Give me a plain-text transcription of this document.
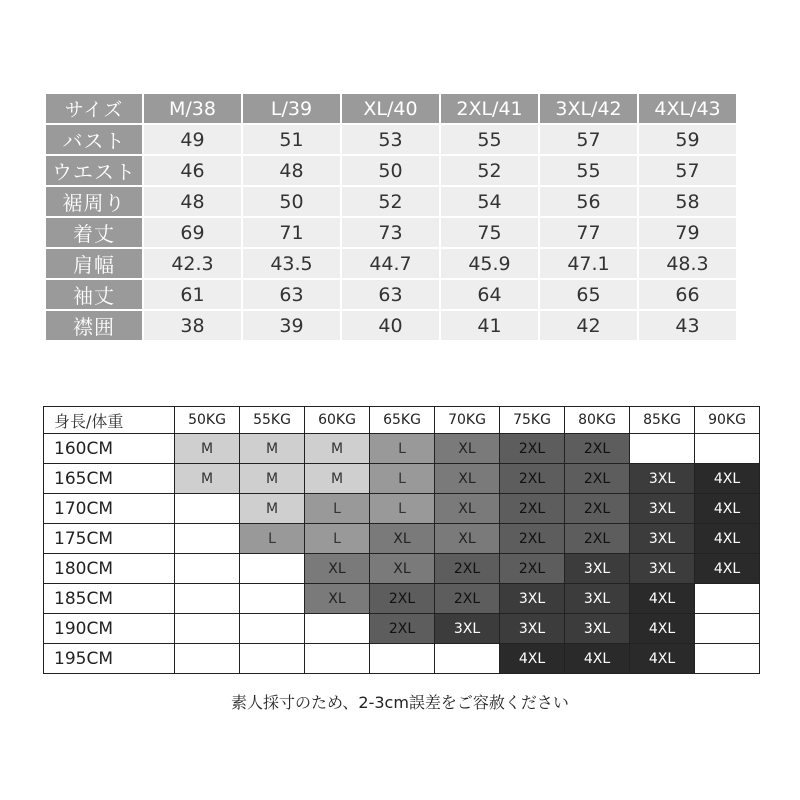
サイズ	M/38	L/39	XL/40	2XL/41	3XL/42	4XL/43
バスト	49	51	53	55	57	59
ウエスト	46	48	50	52	55	57
裾周り	48	50	52	54	56	58
着丈	69	71	73	75	77	79
肩幅	42.3	43.5	44.7	45.9	47.1	48.3
袖丈	61	63	63	64	65	66
襟囲	38	39	40	41	42	43
身長/体重	50KG	55KG	60KG	65KG	70KG	75KG	80KG	85KG	90KG
160CM	M	M	M	L	XL	2XL	2XL		
165CM	M	M	M	L	XL	2XL	2XL	3XL	4XL
170CM		M	L	L	XL	2XL	2XL	3XL	4XL
175CM		L	L	XL	XL	2XL	2XL	3XL	4XL
180CM			XL	XL	2XL	2XL	3XL	3XL	4XL
185CM			XL	2XL	2XL	3XL	3XL	4XL	
190CM				2XL	3XL	3XL	3XL	4XL	
195CM						4XL	4XL	4XL	
素人採寸のため、2-3cm誤差をご容赦ください
